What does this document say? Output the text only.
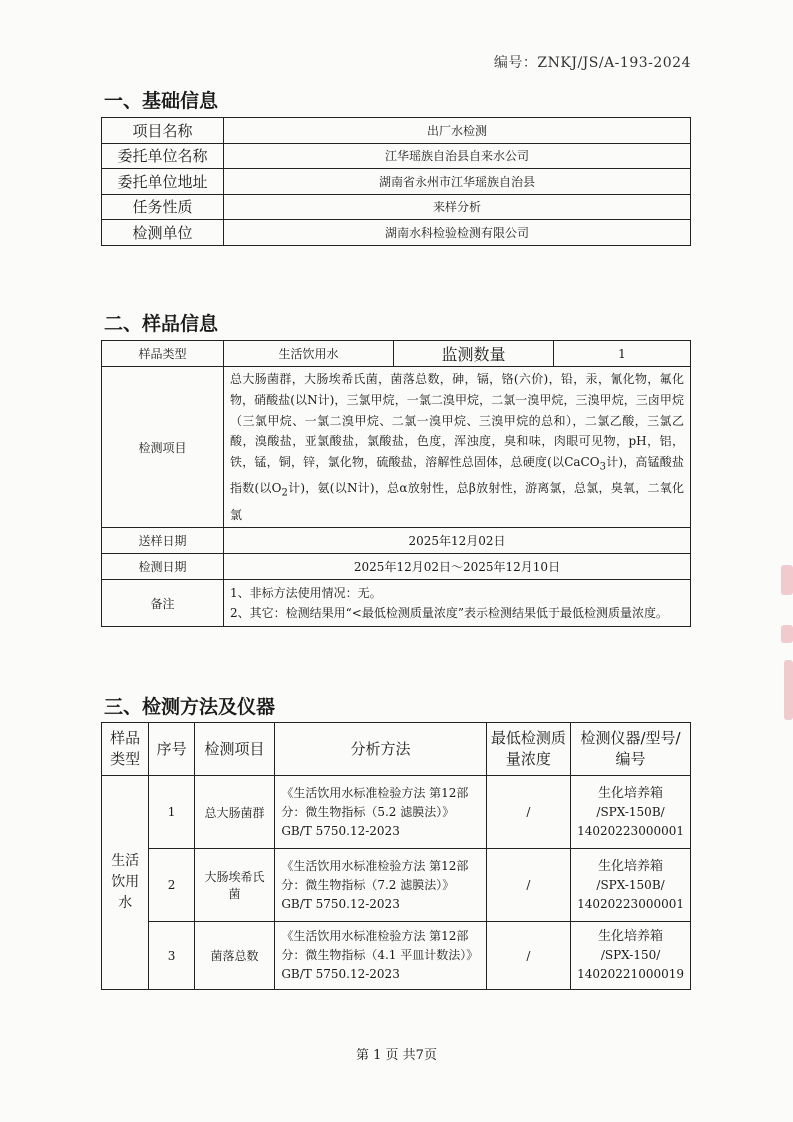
编号：ZNKJ/JS/A-193-2024
一、基础信息
项目名称	出厂水检测
委托单位名称	江华瑶族自治县自来水公司
委托单位地址	湖南省永州市江华瑶族自治县
任务性质	来样分析
检测单位	湖南水科检验检测有限公司
二、样品信息
样品类型	生活饮用水	监测数量	1
检测项目	总大肠菌群，大肠埃希氏菌，菌落总数，砷，镉，铬(六价)，铅，汞，氰化物，氟化物，硝酸盐(以N计)，三氯甲烷，一氯二溴甲烷，二氯一溴甲烷，三溴甲烷，三卤甲烷（三氯甲烷、一氯二溴甲烷、二氯一溴甲烷、三溴甲烷的总和），二氯乙酸，三氯乙酸，溴酸盐，亚氯酸盐，氯酸盐，色度，浑浊度，臭和味，肉眼可见物，pH，铝，铁，锰，铜，锌，氯化物，硫酸盐，溶解性总固体，总硬度(以CaCO$_3$计)，高锰酸盐指数(以$O_2$计)，氨(以N计)，总α放射性，总β放射性，游离氯，总氯，臭氧，二氧化氯		
送样日期	2025年12月02日		
检测日期	2025年12月02日～2025年12月10日		
备注	1、非标方法使用情况：无。
2、其它：检测结果用“<最低检测质量浓度”表示检测结果低于最低检测质量浓度。		
三、检测方法及仪器
样品类型	序号	检测项目	分析方法	最低检测质量浓度	检测仪器/型号/编号
生活饮用水	1	总大肠菌群	《生活饮用水标准检验方法 第12部分：微生物指标（5.2 滤膜法）》GB/T 5750.12-2023	/	生化培养箱
/SPX-150B/
14020223000001

	2	大肠埃希氏菌	《生活饮用水标准检验方法 第12部分：微生物指标（7.2 滤膜法）》GB/T 5750.12-2023	/	生化培养箱
/SPX-150B/
14020223000001

	3	菌落总数	《生活饮用水标准检验方法 第12部分：微生物指标（4.1 平皿计数法）》GB/T 5750.12-2023	/	生化培养箱
/SPX-150/
14020221000019
第 1 页 共7页
